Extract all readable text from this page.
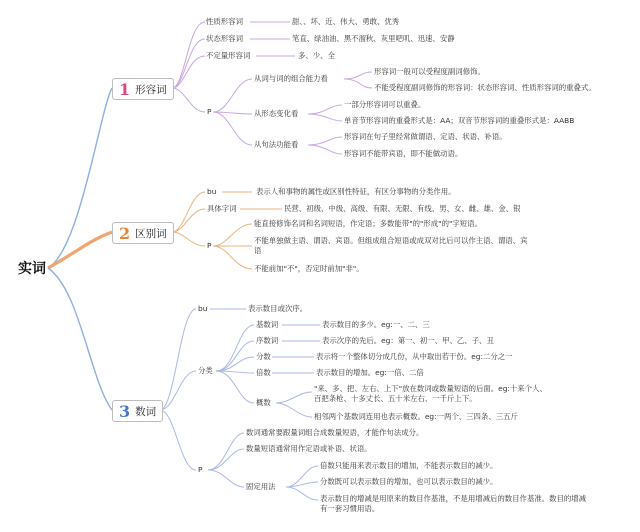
实词
1 形容词
性质形容词	甜、、坏、近、伟大、勇敢、优秀
状态形容词	笔直、绿油油、黑不溜秋、灰里吧叽、迅速、安静
不定量形容词	多、少、全
P
从词与词的组合能力看
形容词一般可以受程度副词修饰。
不能受程度副词修饰的形容词：状态形容词、性质形容词的重叠式。
从形态变化看
一部分形容词可以重叠。
单音节形容词的重叠形式是：AA；双音节形容词的重叠形式是：AABB
从句法功能看
形容词在句子里经常做谓语、定语、状语、补语。
形容词不能带宾语，即不能做动语。
2 区别词
bu	表示人和事物的属性或区别性特征，有区分事物的分类作用。
具体字词	民营、初级、中级、高级、有限、无限、有线、男、女、雌、雄、金、银
P
能直接修饰名词和名词短语，作定语；多数能带"的"形成"的"字短语。
不能单独做主语、谓语、宾语。但组成组合短语或成双对比后可以作主语、谓语、宾语
不能前加"不"，否定时前加"非"。
3 数词
bu	表示数目或次序。
分类
基数词	表示数目的多少。eg:一、二、三
序数词	表示次序的先后。eg：第一、初一、甲、乙、子、丑
分数	表示将一个整体切分成几份，从中取出若干份。eg:二分之一
倍数	表示数目的增加。eg:一倍、二倍
概数
"来、多、把、左右、上下"放在数词或数量短语的后面。eg:十来个人、百把条枪、十多丈长、五十米左右、一千斤上下。
相邻两个基数词连用也表示概数。eg:一两个、三四条、三五斤
P
数词通常要跟量词组合成数量短语，才能作句法成分。
数量短语通常用作定语或补语、状语。
固定用法
倍数只能用来表示数目的增加，不能表示数目的减少。
分数既可以表示数目的增加，也可以表示数目的减少。
表示数目的增减是用原来的数目作基准，不是用增减后的数目作基准。数目的增减有一套习惯用语。
